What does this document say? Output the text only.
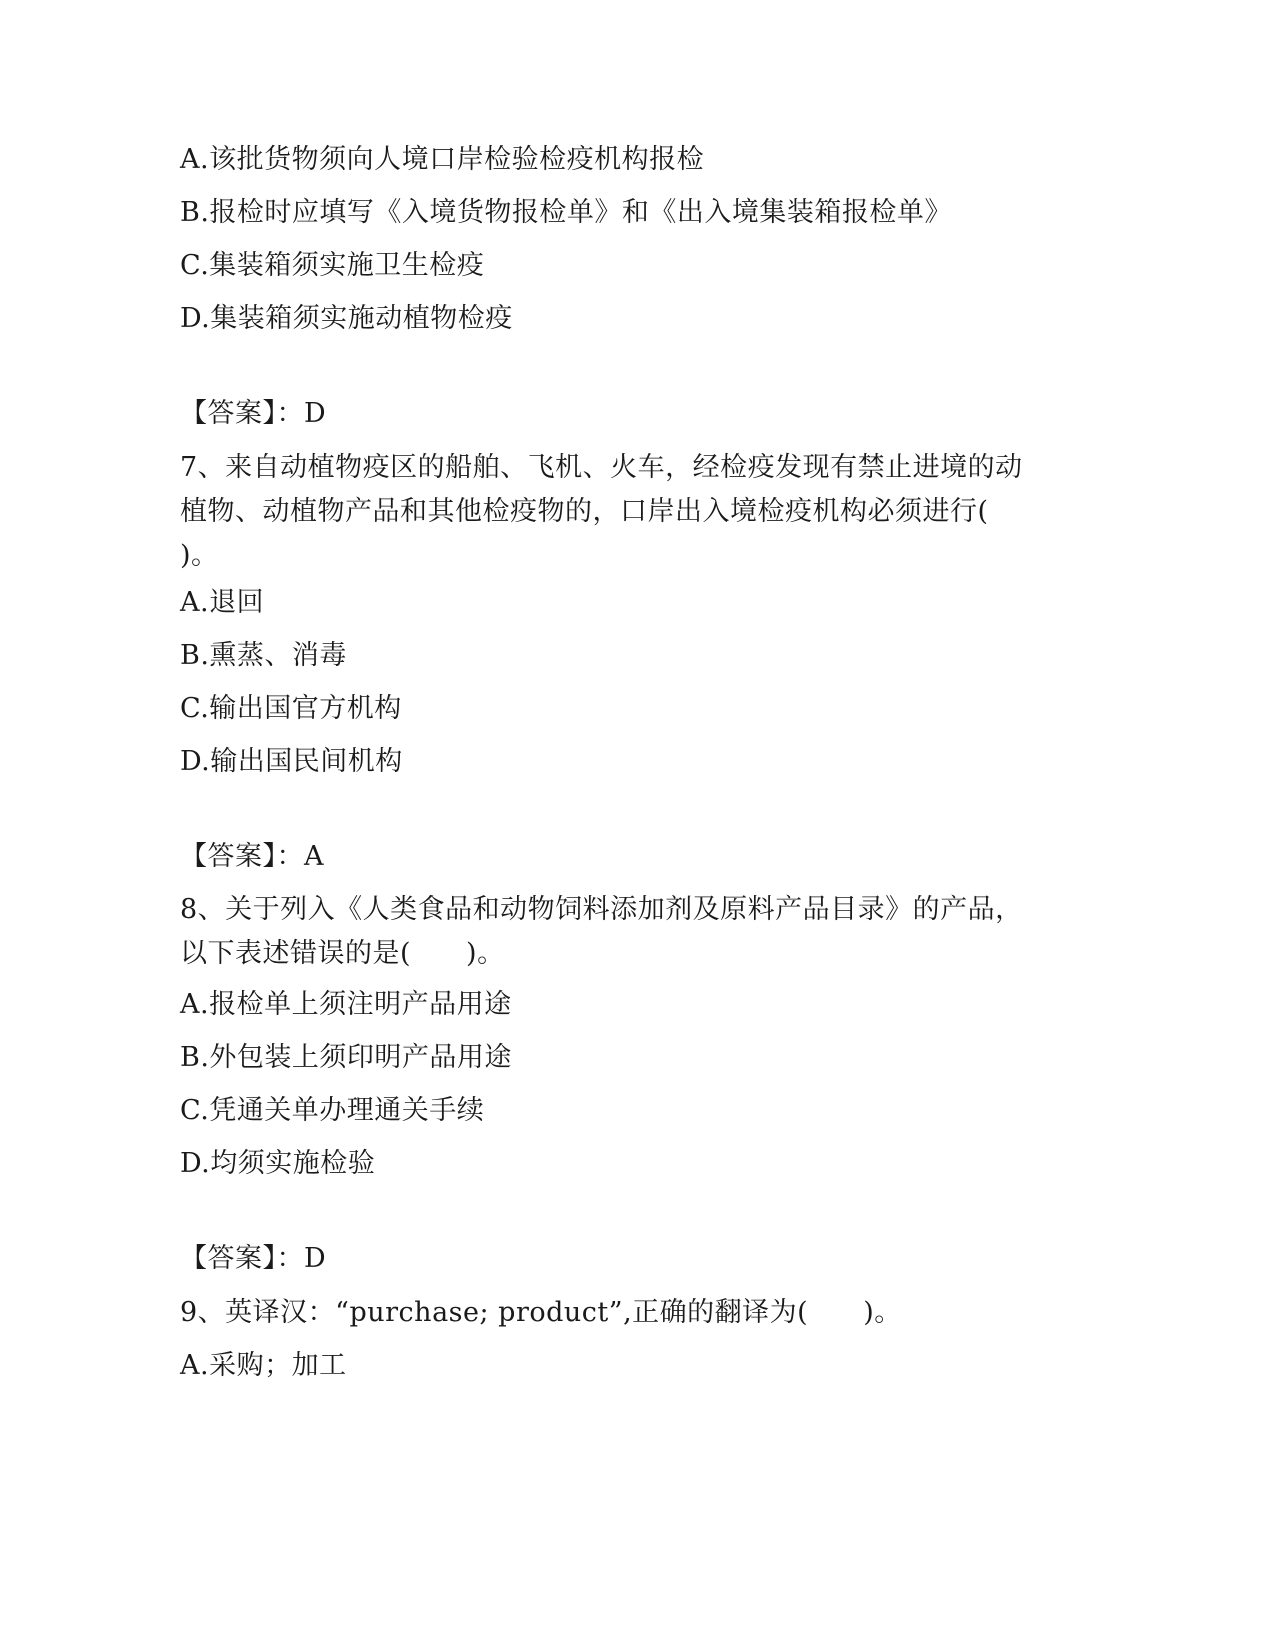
A.该批货物须向人境口岸检验检疫机构报检
B.报检时应填写《入境货物报检单》和《出入境集装箱报检单》
C.集装箱须实施卫生检疫
D.集装箱须实施动植物检疫
【答案】：D
7、来自动植物疫区的船舶、飞机、火车，经检疫发现有禁止进境的动植物、动植物产品和其他检疫物的，口岸出入境检疫机构必须进行(　　)。
A.退回
B.熏蒸、消毒
C.输出国官方机构
D.输出国民间机构
【答案】：A
8、关于列入《人类食品和动物饲料添加剂及原料产品目录》的产品，以下表述错误的是(　　)。
A.报检单上须注明产品用途
B.外包装上须印明产品用途
C.凭通关单办理通关手续
D.均须实施检验
【答案】：D
9、英译汉：“purchase; product”,正确的翻译为(　　)。
A.采购；加工
